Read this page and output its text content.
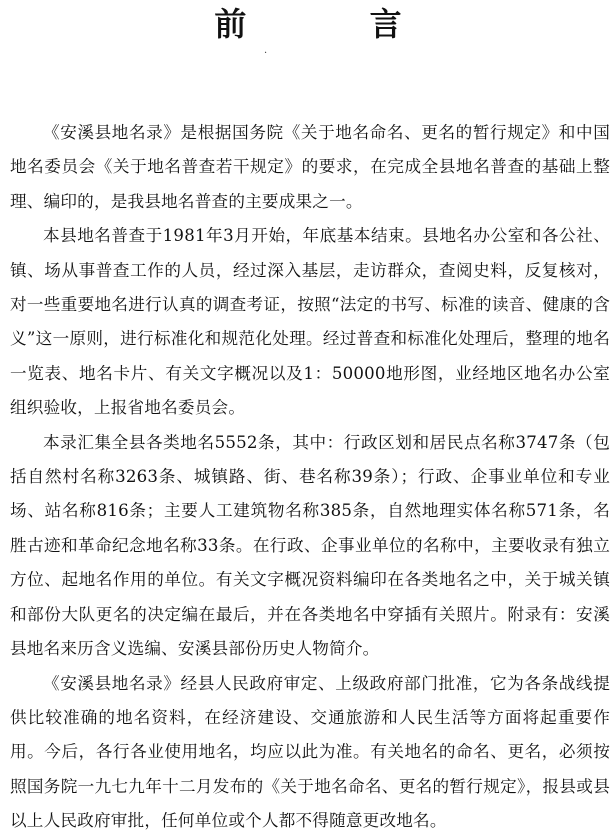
前 言
·

《安溪县地名录》是根据国务院《关于地名命名、更名的暂行规定》和中国地名委员会《关于地名普查若干规定》的要求，在完成全县地名普查的基础上整理、编印的，是我县地名普查的主要成果之一。

本县地名普查于1981年3月开始，年底基本结束。县地名办公室和各公社、镇、场从事普查工作的人员，经过深入基层，走访群众，查阅史料，反复核对，对一些重要地名进行认真的调查考证，按照“法定的书写、标准的读音、健康的含义”这一原则，进行标准化和规范化处理。经过普查和标准化处理后，整理的地名一览表、地名卡片、有关文字概况以及1：50000地形图，业经地区地名办公室组织验收，上报省地名委员会。

本录汇集全县各类地名5552条，其中：行政区划和居民点名称3747条（包括自然村名称3263条、城镇路、街、巷名称39条）；行政、企事业单位和专业场、站名称816条；主要人工建筑物名称385条，自然地理实体名称571条，名胜古迹和革命纪念地名称33条。在行政、企事业单位的名称中，主要收录有独立方位、起地名作用的单位。有关文字概况资料编印在各类地名之中，关于城关镇和部份大队更名的决定编在最后，并在各类地名中穿插有关照片。附录有：安溪县地名来历含义选编、安溪县部份历史人物简介。

《安溪县地名录》经县人民政府审定、上级政府部门批准，它为各条战线提供比较准确的地名资料，在经济建设、交通旅游和人民生活等方面将起重要作用。今后，各行各业使用地名，均应以此为准。有关地名的命名、更名，必须按照国务院一九七九年十二月发布的《关于地名命名、更名的暂行规定》，报县或县以上人民政府审批，任何单位或个人都不得随意更改地名。
